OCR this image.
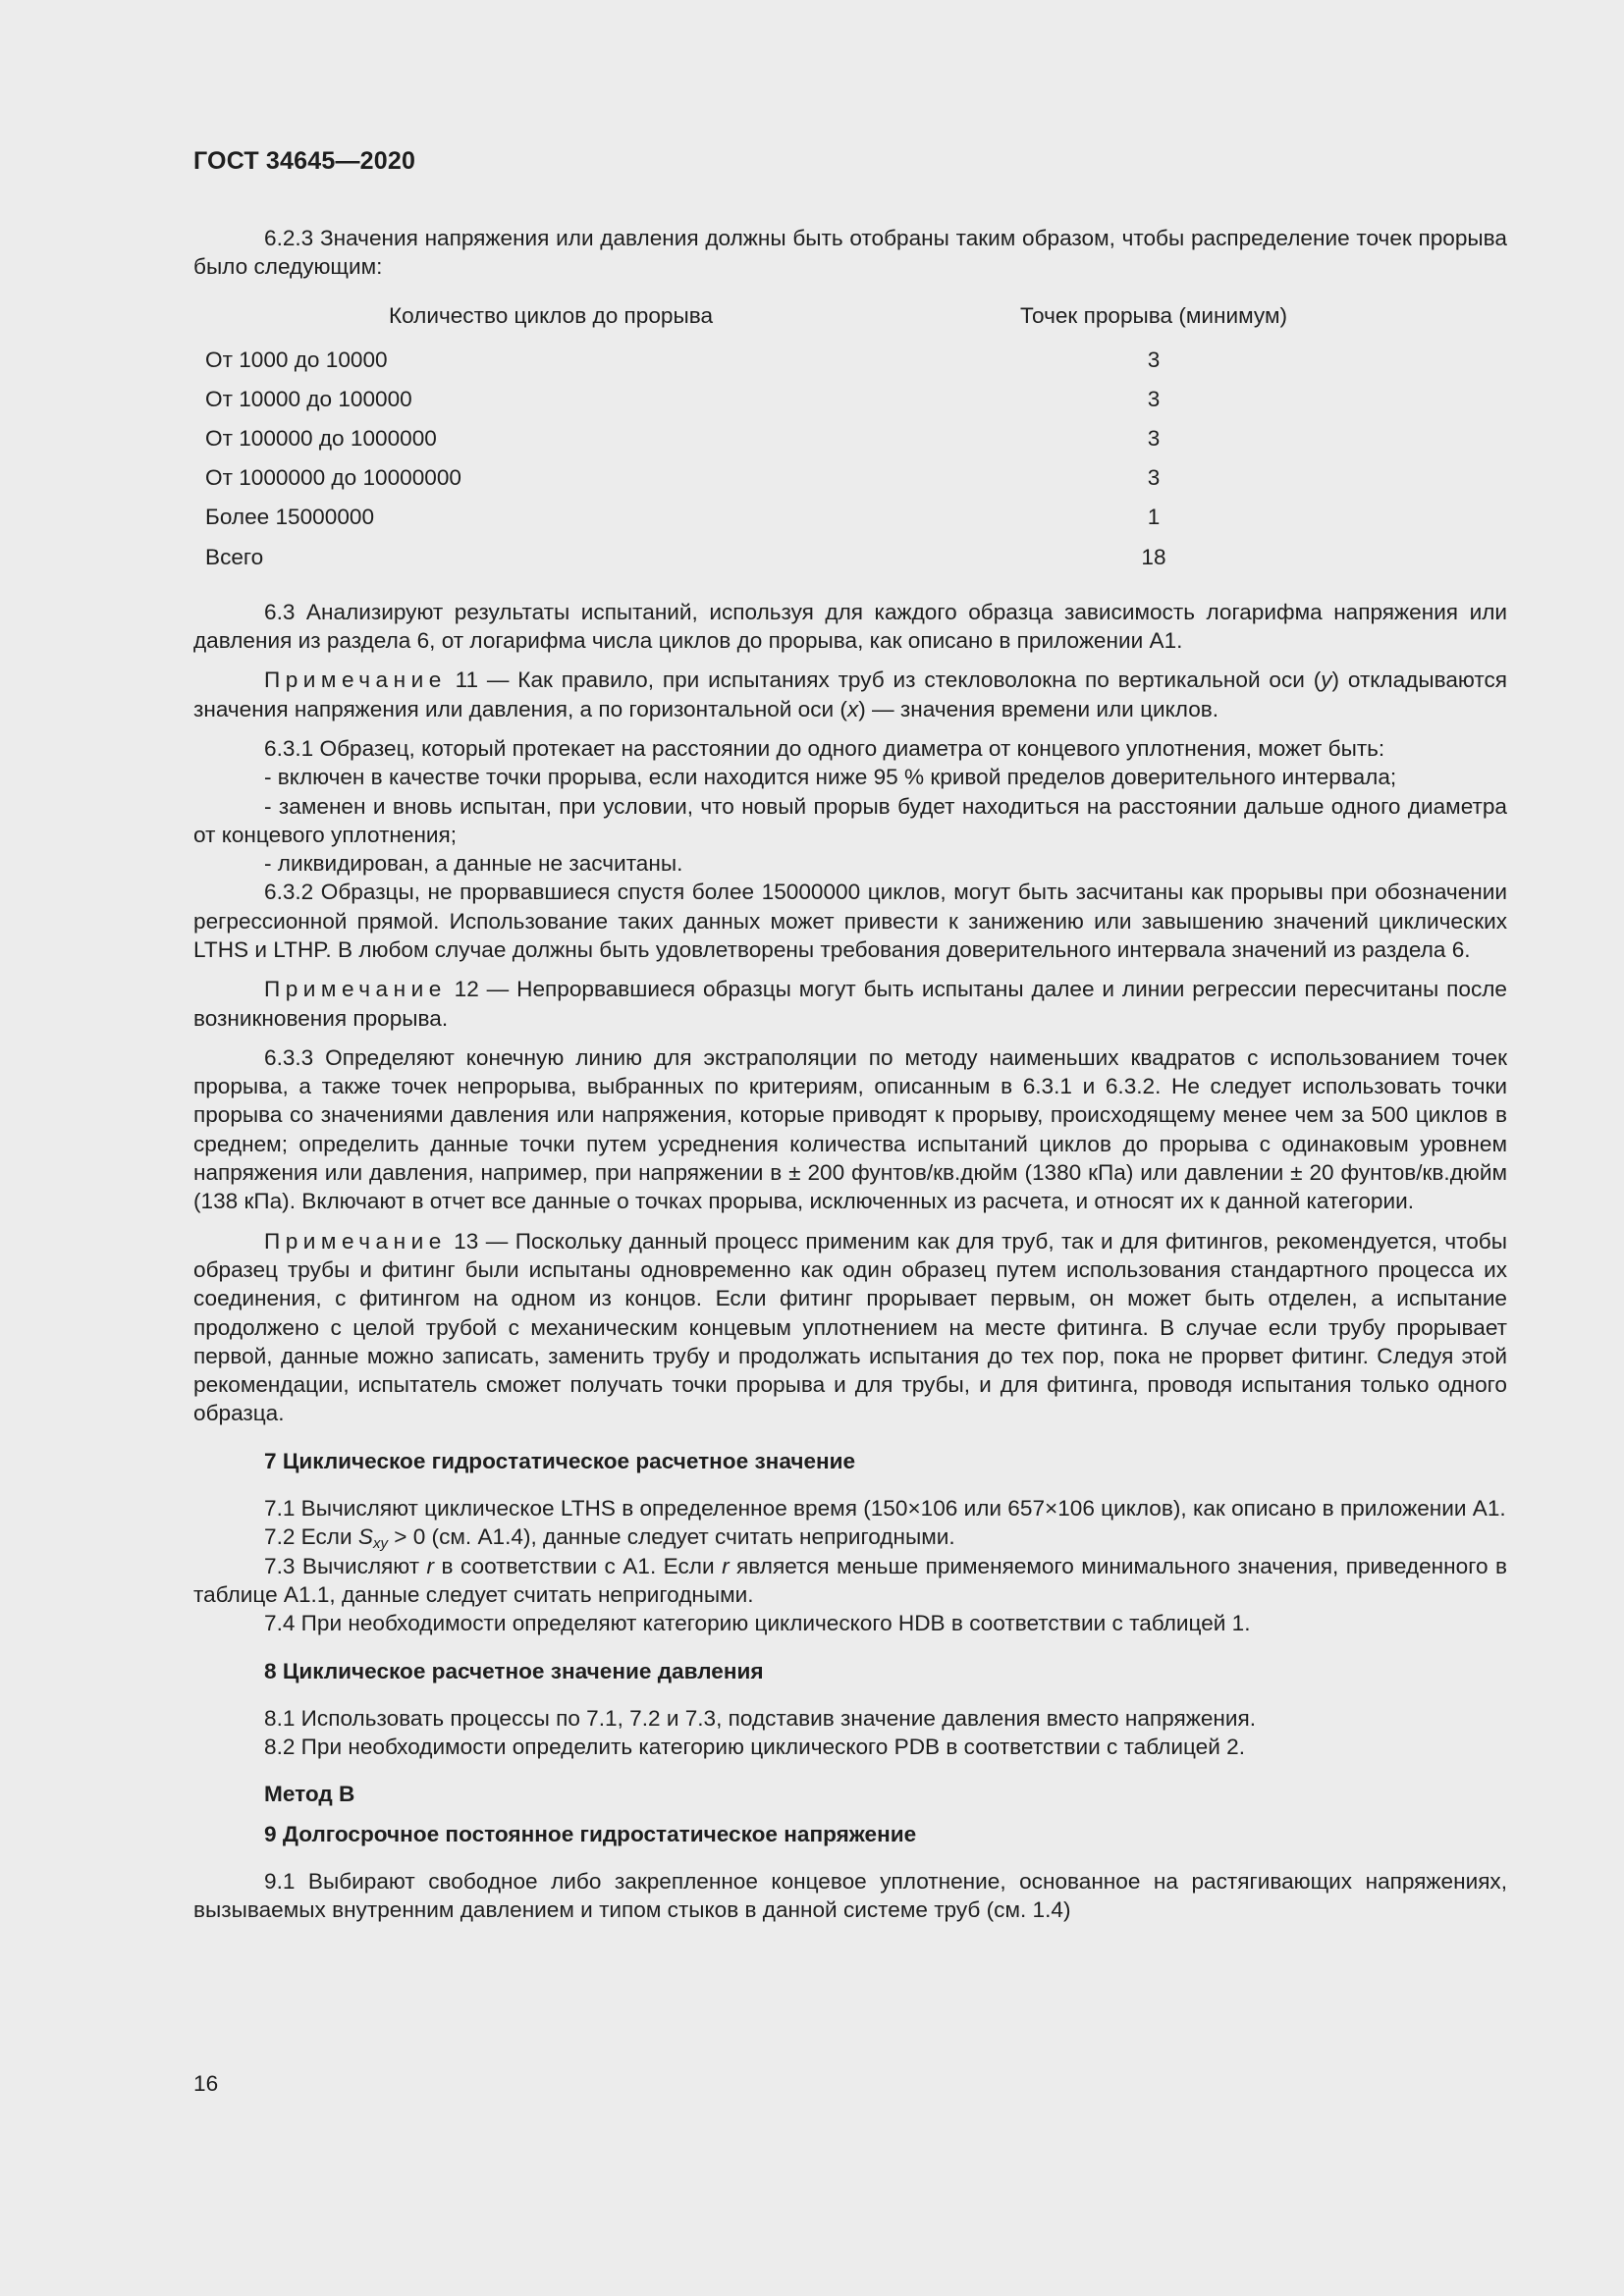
ГОСТ 34645—2020

6.2.3 Значения напряжения или давления должны быть отобраны таким образом, чтобы распределение точек прорыва было следующим:

Количество циклов до прорыва	Точек прорыва (минимум)
От 1000 до 10000	3
От 10000 до 100000	3
От 100000 до 1000000	3
От 1000000 до 10000000	3
Более 15000000	1
Всего	18

6.3 Анализируют результаты испытаний, используя для каждого образца зависимость логарифма напряжения или давления из раздела 6, от логарифма числа циклов до прорыва, как описано в приложении А1.

Примечание 11 — Как правило, при испытаниях труб из стекловолокна по вертикальной оси (у) откладываются значения напряжения или давления, а по горизонтальной оси (x) — значения времени или циклов.

6.3.1 Образец, который протекает на расстоянии до одного диаметра от концевого уплотнения, может быть:

- включен в качестве точки прорыва, если находится ниже 95 % кривой пределов доверительного интервала;

- заменен и вновь испытан, при условии, что новый прорыв будет находиться на расстоянии дальше одного диаметра от концевого уплотнения;

- ликвидирован, а данные не засчитаны.

6.3.2 Образцы, не прорвавшиеся спустя более 15000000 циклов, могут быть засчитаны как прорывы при обозначении регрессионной прямой. Использование таких данных может привести к занижению или завышению значений циклических LTHS и LTHP. В любом случае должны быть удовлетворены требования доверительного интервала значений из раздела 6.

Примечание 12 — Непрорвавшиеся образцы могут быть испытаны далее и линии регрессии пересчитаны после возникновения прорыва.

6.3.3 Определяют конечную линию для экстраполяции по методу наименьших квадратов с использованием точек прорыва, а также точек непрорыва, выбранных по критериям, описанным в 6.3.1 и 6.3.2. Не следует использовать точки прорыва со значениями давления или напряжения, которые приводят к прорыву, происходящему менее чем за 500 циклов в среднем; определить данные точки путем усреднения количества испытаний циклов до прорыва с одинаковым уровнем напряжения или давления, например, при напряжении в ± 200 фунтов/кв.дюйм (1380 кПа) или давлении ± 20 фунтов/кв.дюйм (138 кПа). Включают в отчет все данные о точках прорыва, исключенных из расчета, и относят их к данной категории.

Примечание 13 — Поскольку данный процесс применим как для труб, так и для фитингов, рекомендуется, чтобы образец трубы и фитинг были испытаны одновременно как один образец путем использования стандартного процесса их соединения, с фитингом на одном из концов. Если фитинг прорывает первым, он может быть отделен, а испытание продолжено с целой трубой с механическим концевым уплотнением на месте фитинга. В случае если трубу прорывает первой, данные можно записать, заменить трубу и продолжать испытания до тех пор, пока не прорвет фитинг. Следуя этой рекомендации, испытатель сможет получать точки прорыва и для трубы, и для фитинга, проводя испытания только одного образца.

7 Циклическое гидростатическое расчетное значение

7.1 Вычисляют циклическое LTHS в определенное время (150×106 или 657×106 циклов), как описано в приложении А1.

7.2 Если $S_{xy} > 0$ (см. А1.4), данные следует считать непригодными.

7.3 Вычисляют r в соответствии с А1. Если r является меньше применяемого минимального значения, приведенного в таблице А1.1, данные следует считать непригодными.

7.4 При необходимости определяют категорию циклического HDB в соответствии с таблицей 1.

8 Циклическое расчетное значение давления

8.1 Использовать процессы по 7.1, 7.2 и 7.3, подставив значение давления вместо напряжения.

8.2 При необходимости определить категорию циклического PDB в соответствии с таблицей 2.

Метод В

9 Долгосрочное постоянное гидростатическое напряжение

9.1 Выбирают свободное либо закрепленное концевое уплотнение, основанное на растягивающих напряжениях, вызываемых внутренним давлением и типом стыков в данной системе труб (см. 1.4)

16
